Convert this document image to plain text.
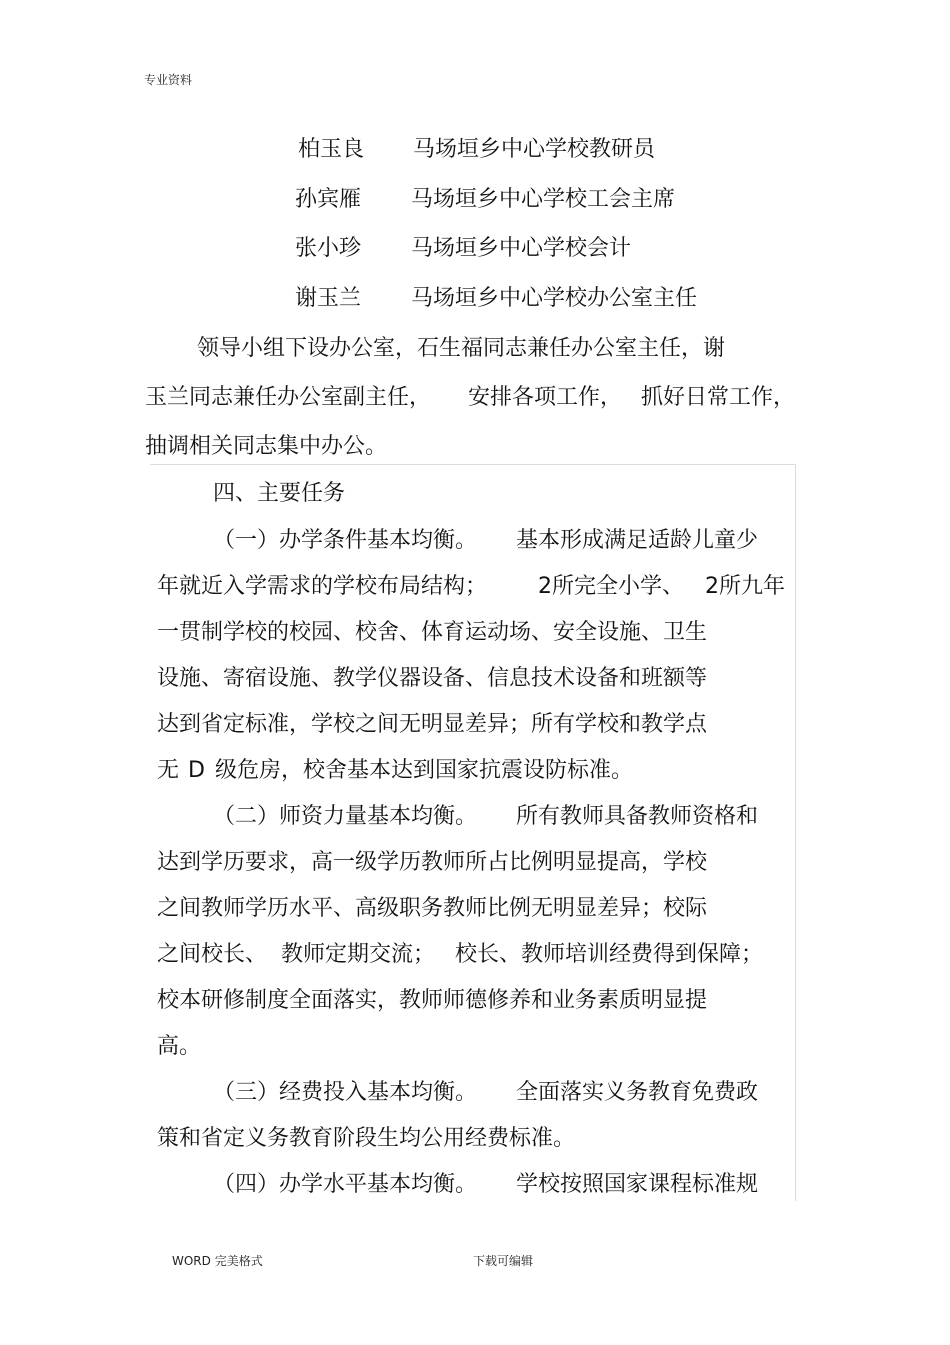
专业资料
柏玉良 马场垣乡中心学校教研员
孙宾雁 马场垣乡中心学校工会主席
张小珍 马场垣乡中心学校会计
谢玉兰 马场垣乡中心学校办公室主任
领导小组下设办公室，石生福同志兼任办公室主任，谢
玉兰同志兼任办公室副主任， 安排各项工作， 抓好日常工作，
抽调相关同志集中办公。
四、主要任务
（一）办学条件基本均衡。 基本形成满足适龄儿童少
年就近入学需求的学校布局结构； 2所完全小学、 2所九年
一贯制学校的校园、校舍、体育运动场、安全设施、卫生
设施、寄宿设施、教学仪器设备、信息技术设备和班额等
达到省定标准，学校之间无明显差异；所有学校和教学点
无 D 级危房，校舍基本达到国家抗震设防标准。
（二）师资力量基本均衡。 所有教师具备教师资格和
达到学历要求，高一级学历教师所占比例明显提高，学校
之间教师学历水平、高级职务教师比例无明显差异；校际
之间校长、 教师定期交流； 校长、教师培训经费得到保障；
校本研修制度全面落实，教师师德修养和业务素质明显提
高。
（三）经费投入基本均衡。 全面落实义务教育免费政
策和省定义务教育阶段生均公用经费标准。
（四）办学水平基本均衡。 学校按照国家课程标准规
WORD 完美格式	下载可编辑
